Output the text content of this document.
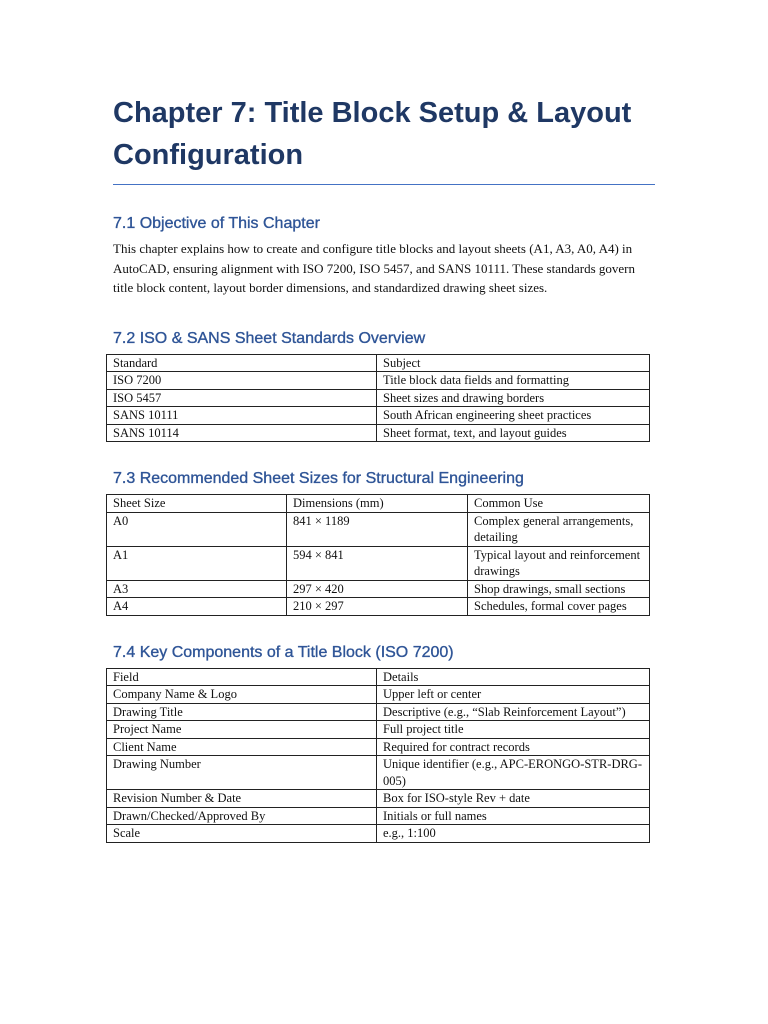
Chapter 7: Title Block Setup & Layout Configuration
7.1 Objective of This Chapter

This chapter explains how to create and configure title blocks and layout sheets (A1, A3, A0, A4) in AutoCAD, ensuring alignment with ISO 7200, ISO 5457, and SANS 10111. These standards govern title block content, layout border dimensions, and standardized drawing sheet sizes.

7.2 ISO & SANS Sheet Standards Overview
Standard	Subject
ISO 7200	Title block data fields and formatting
ISO 5457	Sheet sizes and drawing borders
SANS 10111	South African engineering sheet practices
SANS 10114	Sheet format, text, and layout guides
7.3 Recommended Sheet Sizes for Structural Engineering
Sheet Size	Dimensions (mm)	Common Use
A0	841 × 1189	Complex general arrangements, detailing
A1	594 × 841	Typical layout and reinforcement drawings
A3	297 × 420	Shop drawings, small sections
A4	210 × 297	Schedules, formal cover pages
7.4 Key Components of a Title Block (ISO 7200)
Field	Details
Company Name & Logo	Upper left or center
Drawing Title	Descriptive (e.g., “Slab Reinforcement Layout”)
Project Name	Full project title
Client Name	Required for contract records
Drawing Number	Unique identifier (e.g., APC-ERONGO-STR-DRG-005)
Revision Number & Date	Box for ISO-style Rev + date
Drawn/Checked/Approved By	Initials or full names
Scale	e.g., 1:100
